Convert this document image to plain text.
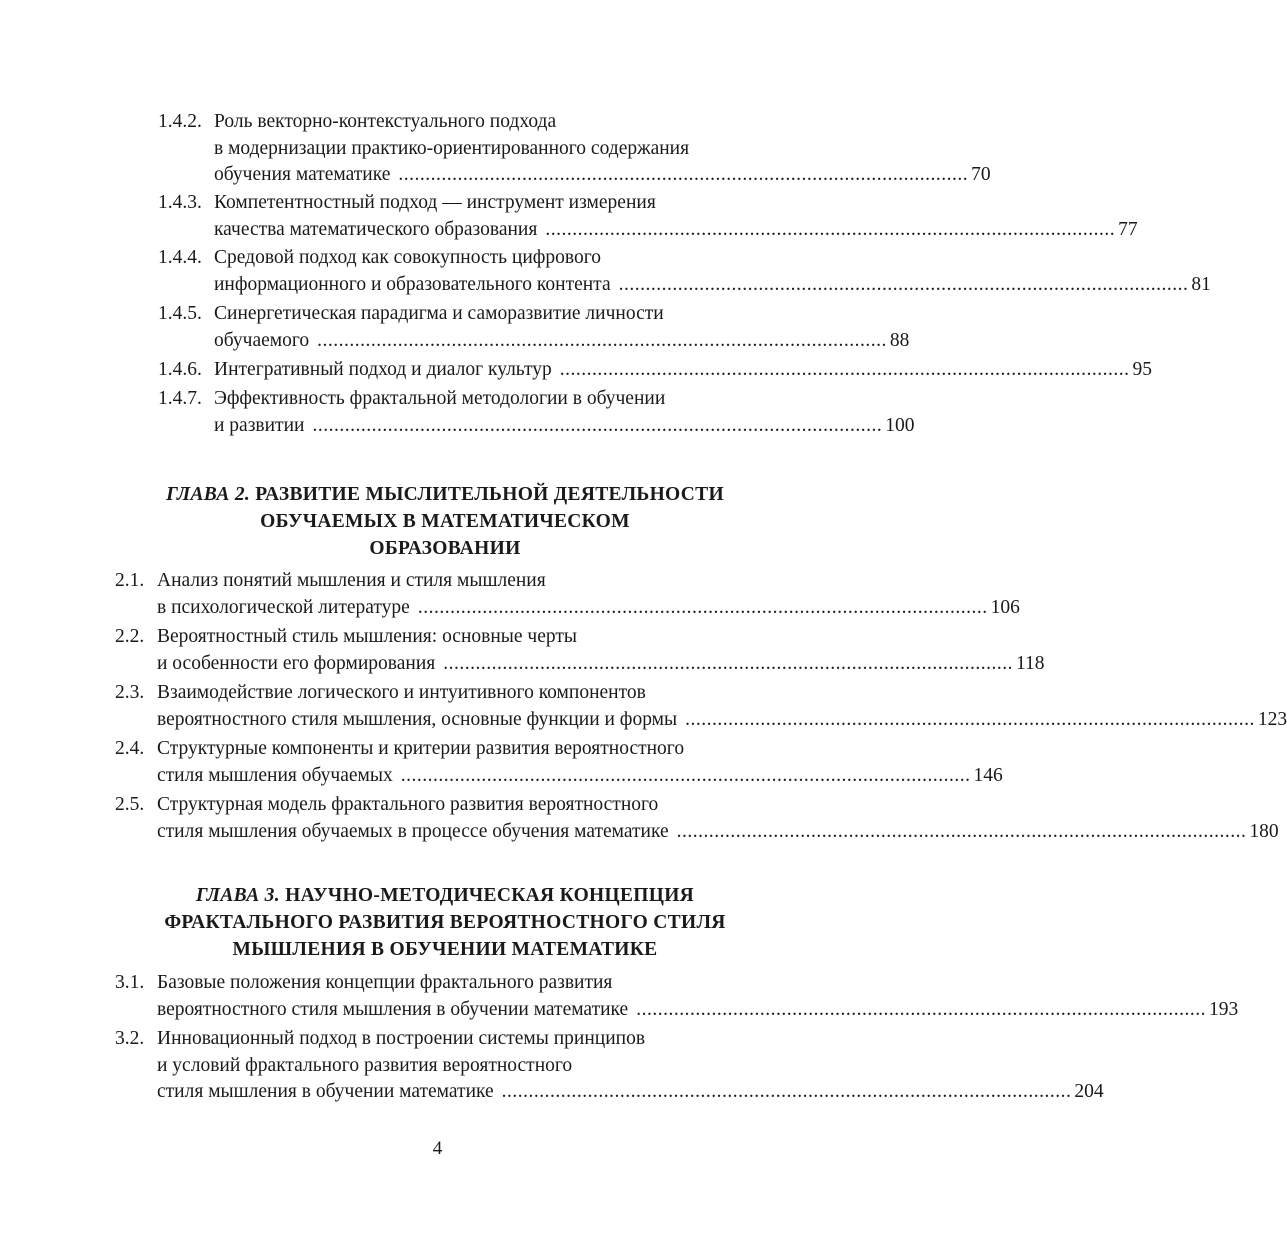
1.4.2. Роль векторно-контекстуального подхода
в модернизации практико-ориентированного содержания
обучения математике .......................................................................................................... 70
1.4.3. Компетентностный подход — инструмент измерения
качества математического образования .......................................................................................................... 77
1.4.4. Средовой подход как совокупность цифрового
информационного и образовательного контента .......................................................................................................... 81
1.4.5. Синергетическая парадигма и саморазвитие личности
обучаемого .......................................................................................................... 88
1.4.6. Интегративный подход и диалог культур .......................................................................................................... 95
1.4.7. Эффективность фрактальной методологии в обучении
и развитии .......................................................................................................... 100
ГЛАВА 2. РАЗВИТИЕ МЫСЛИТЕЛЬНОЙ ДЕЯТЕЛЬНОСТИ
ОБУЧАЕМЫХ В МАТЕМАТИЧЕСКОМ
ОБРАЗОВАНИИ
2.1. Анализ понятий мышления и стиля мышления
в психологической литературе .......................................................................................................... 106
2.2. Вероятностный стиль мышления: основные черты
и особенности его формирования .......................................................................................................... 118
2.3. Взаимодействие логического и интуитивного компонентов
вероятностного стиля мышления, основные функции и формы .......................................................................................................... 123
2.4. Структурные компоненты и критерии развития вероятностного
стиля мышления обучаемых .......................................................................................................... 146
2.5. Структурная модель фрактального развития вероятностного
стиля мышления обучаемых в процессе обучения математике .......................................................................................................... 180
ГЛАВА 3. НАУЧНО-МЕТОДИЧЕСКАЯ КОНЦЕПЦИЯ
ФРАКТАЛЬНОГО РАЗВИТИЯ ВЕРОЯТНОСТНОГО СТИЛЯ
МЫШЛЕНИЯ В ОБУЧЕНИИ МАТЕМАТИКЕ
3.1. Базовые положения концепции фрактального развития
вероятностного стиля мышления в обучении математике .......................................................................................................... 193
3.2. Инновационный подход в построении системы принципов
и условий фрактального развития вероятностного
стиля мышления в обучении математике .......................................................................................................... 204
4
